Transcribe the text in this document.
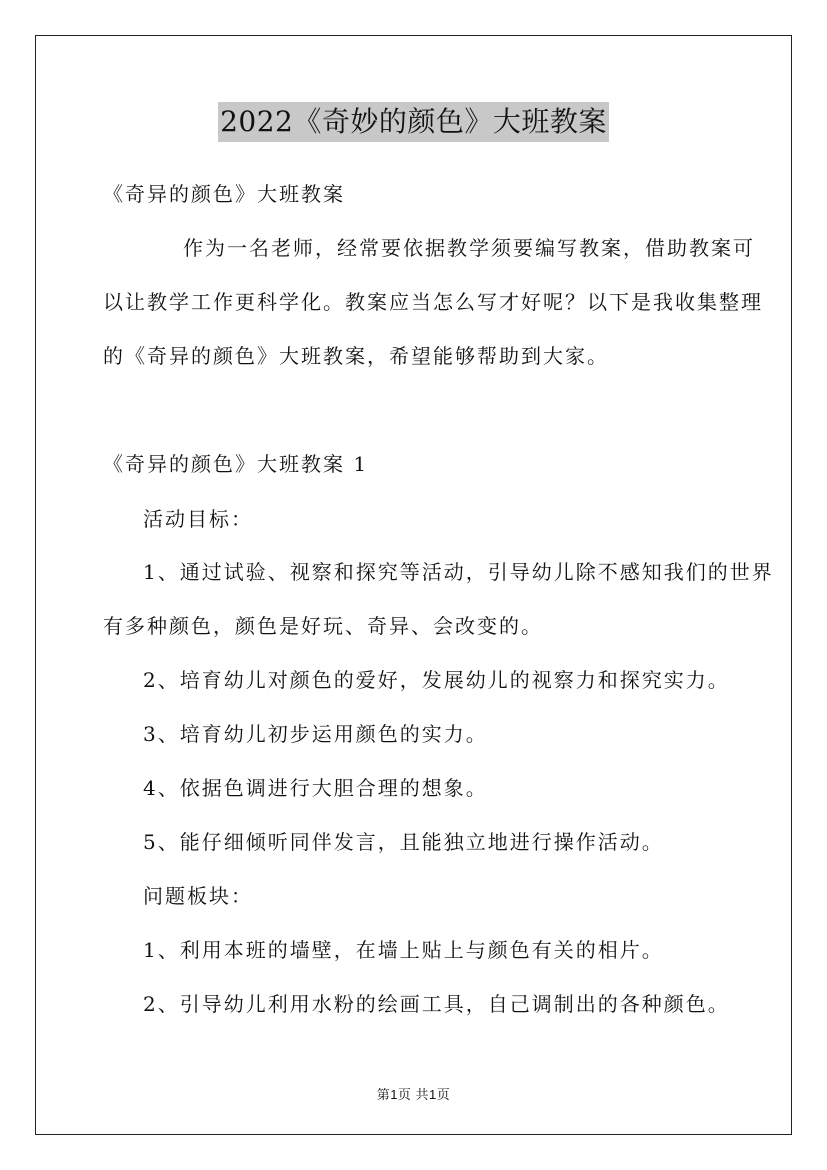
2022《奇妙的颜色》大班教案
《奇异的颜色》大班教案
作为一名老师，经常要依据教学须要编写教案，借助教案可
以让教学工作更科学化。教案应当怎么写才好呢？以下是我收集整理
的《奇异的颜色》大班教案，希望能够帮助到大家。
《奇异的颜色》大班教案 1
活动目标：
1、通过试验、视察和探究等活动，引导幼儿除不感知我们的世界
有多种颜色，颜色是好玩、奇异、会改变的。
2、培育幼儿对颜色的爱好，发展幼儿的视察力和探究实力。
3、培育幼儿初步运用颜色的实力。
4、依据色调进行大胆合理的想象。
5、能仔细倾听同伴发言，且能独立地进行操作活动。
问题板块：
1、利用本班的墙壁，在墙上贴上与颜色有关的相片。
2、引导幼儿利用水粉的绘画工具，自己调制出的各种颜色。
第1页 共1页
